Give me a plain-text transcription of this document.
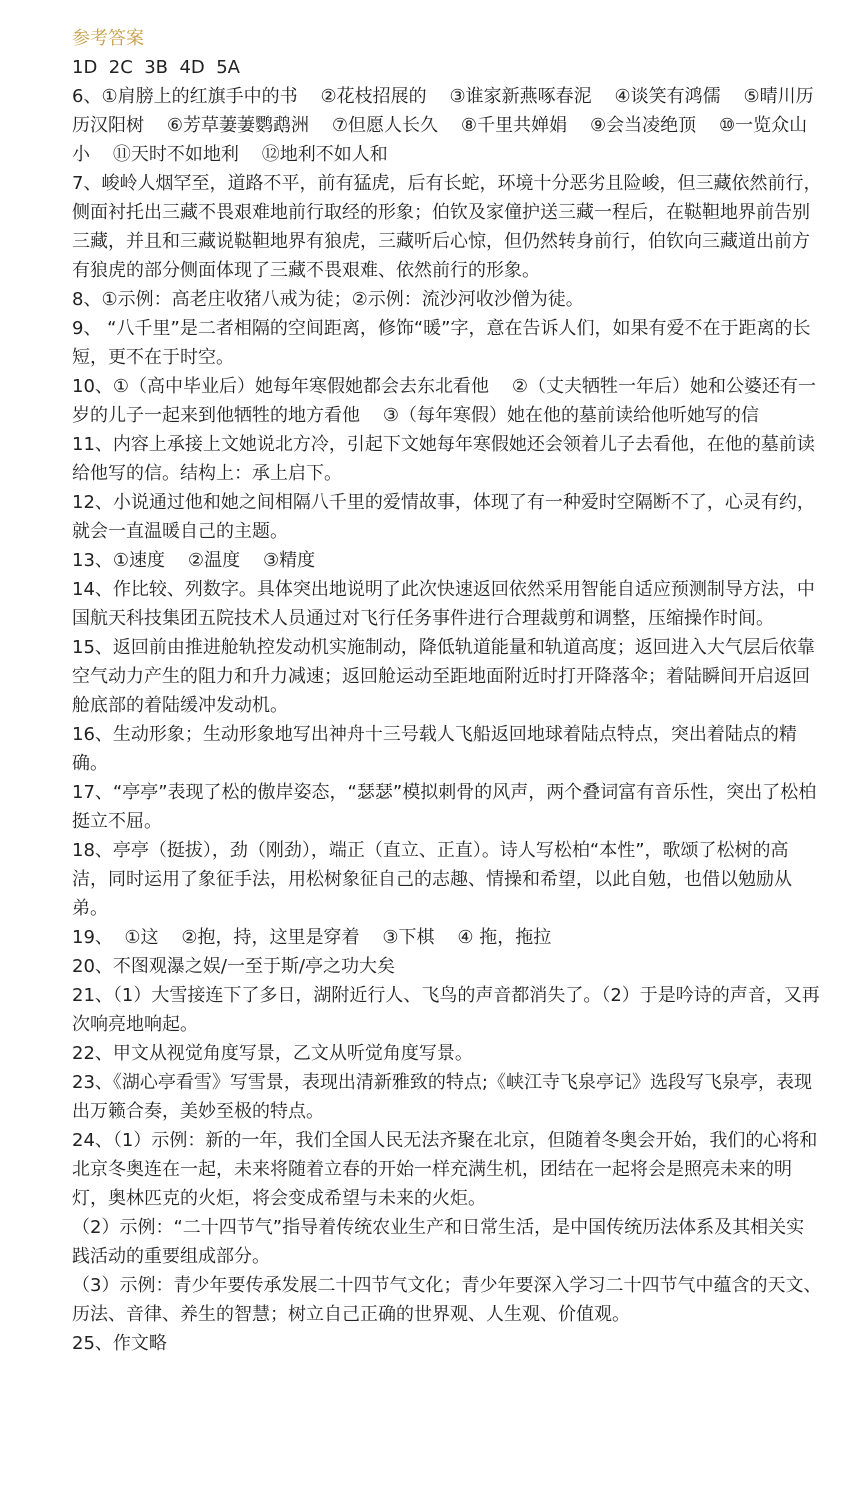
参考答案

1D  2C  3B  4D  5A

6、①肩膀上的红旗手中的书    ②花枝招展的    ③谁家新燕啄春泥    ④谈笑有鸿儒    ⑤晴川历历汉阳树    ⑥芳草萋萋鹦鹉洲    ⑦但愿人长久    ⑧千里共婵娟    ⑨会当凌绝顶    ⑩一览众山小    ⑪天时不如地利    ⑫地利不如人和

7、峻岭人烟罕至，道路不平，前有猛虎，后有长蛇，环境十分恶劣且险峻，但三藏依然前行，侧面衬托出三藏不畏艰难地前行取经的形象；伯钦及家僮护送三藏一程后，在鞑靼地界前告别三藏，并且和三藏说鞑靼地界有狼虎，三藏听后心惊，但仍然转身前行，伯钦向三藏道出前方有狼虎的部分侧面体现了三藏不畏艰难、依然前行的形象。

8、①示例：高老庄收猪八戒为徒；②示例：流沙河收沙僧为徒。

9、 “八千里”是二者相隔的空间距离，修饰“暖”字，意在告诉人们，如果有爱不在于距离的长短，更不在于时空。

10、①（高中毕业后）她每年寒假她都会去东北看他    ②（丈夫牺牲一年后）她和公婆还有一岁的儿子一起来到他牺牲的地方看他    ③（每年寒假）她在他的墓前读给他听她写的信

11、内容上承接上文她说北方冷，引起下文她每年寒假她还会领着儿子去看他，在他的墓前读给他写的信。结构上：承上启下。

12、小说通过他和她之间相隔八千里的爱情故事，体现了有一种爱时空隔断不了，心灵有约，就会一直温暖自己的主题。

13、①速度    ②温度    ③精度

14、作比较、列数字。具体突出地说明了此次快速返回依然采用智能自适应预测制导方法，中国航天科技集团五院技术人员通过对飞行任务事件进行合理裁剪和调整，压缩操作时间。

15、返回前由推进舱轨控发动机实施制动，降低轨道能量和轨道高度；返回进入大气层后依靠空气动力产生的阻力和升力减速；返回舱运动至距地面附近时打开降落伞；着陆瞬间开启返回舱底部的着陆缓冲发动机。

16、生动形象；生动形象地写出神舟十三号载人飞船返回地球着陆点特点，突出着陆点的精确。

17、“亭亭”表现了松的傲岸姿态，“瑟瑟”模拟刺骨的风声，两个叠词富有音乐性，突出了松柏挺立不屈。

18、亭亭（挺拔），劲（刚劲），端正（直立、正直）。诗人写松柏“本性”，歌颂了松树的高洁，同时运用了象征手法，用松树象征自己的志趣、情操和希望，以此自勉，也借以勉励从弟。

19、  ①这    ②抱，持，这里是穿着    ③下棋    ④ 拖，拖拉

20、不图观瀑之娱/一至于斯/亭之功大矣

21、（1）大雪接连下了多日，湖附近行人、飞鸟的声音都消失了。（2）于是吟诗的声音，又再次响亮地响起。

22、甲文从视觉角度写景，乙文从听觉角度写景。

23、《湖心亭看雪》写雪景，表现出清新雅致的特点;《峡江寺飞泉亭记》选段写飞泉亭，表现出万籁合奏，美妙至极的特点。

24、（1）示例：新的一年，我们全国人民无法齐聚在北京，但随着冬奥会开始，我们的心将和北京冬奥连在一起，未来将随着立春的开始一样充满生机，团结在一起将会是照亮未来的明灯，奥林匹克的火炬，将会变成希望与未来的火炬。

（2）示例：“二十四节气”指导着传统农业生产和日常生活，是中国传统历法体系及其相关实践活动的重要组成部分。

（3）示例：青少年要传承发展二十四节气文化；青少年要深入学习二十四节气中蕴含的天文、历法、音律、养生的智慧；树立自己正确的世界观、人生观、价值观。

25、作文略
